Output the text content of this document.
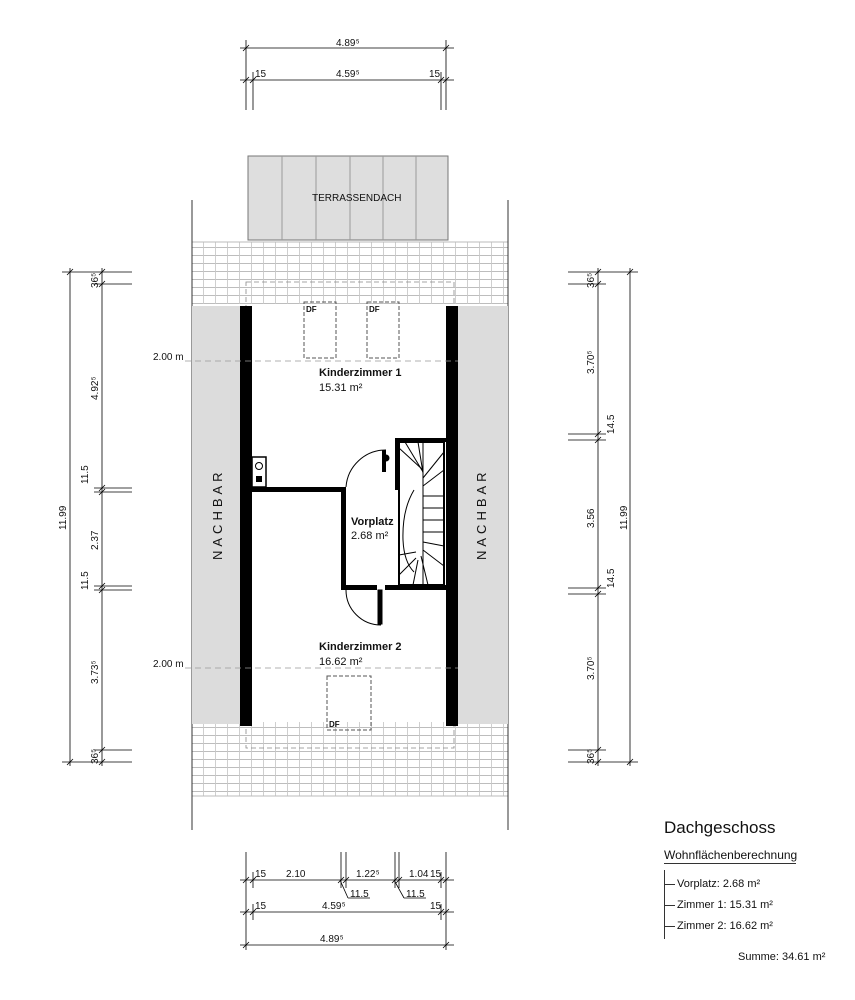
NACHBAR	NACHBAR
TERRASSENDACH
DF	DF
DF
2.00 m
2.00 m
Kinderzimmer 1
15.31 m²
Vorplatz
2.68 m²
Kinderzimmer 2
16.62 m²
4.89⁵
15	4.59⁵	15
11.99
36⁵
4.92⁵
11.5
2.37
11.5
3.73⁵
36⁵
11.99
36⁵
3.70⁵
14.5
3.56
14.5
3.70⁵
36⁵
15 2.10	1.22⁵	1.04 15
11.5	11.5
15	4.59⁵	15
4.89⁵
Dachgeschoss
Wohnflächenberechnung
Vorplatz: 2.68 m²
Zimmer 1: 15.31 m²
Zimmer 2: 16.62 m²
Summe: 34.61 m²
